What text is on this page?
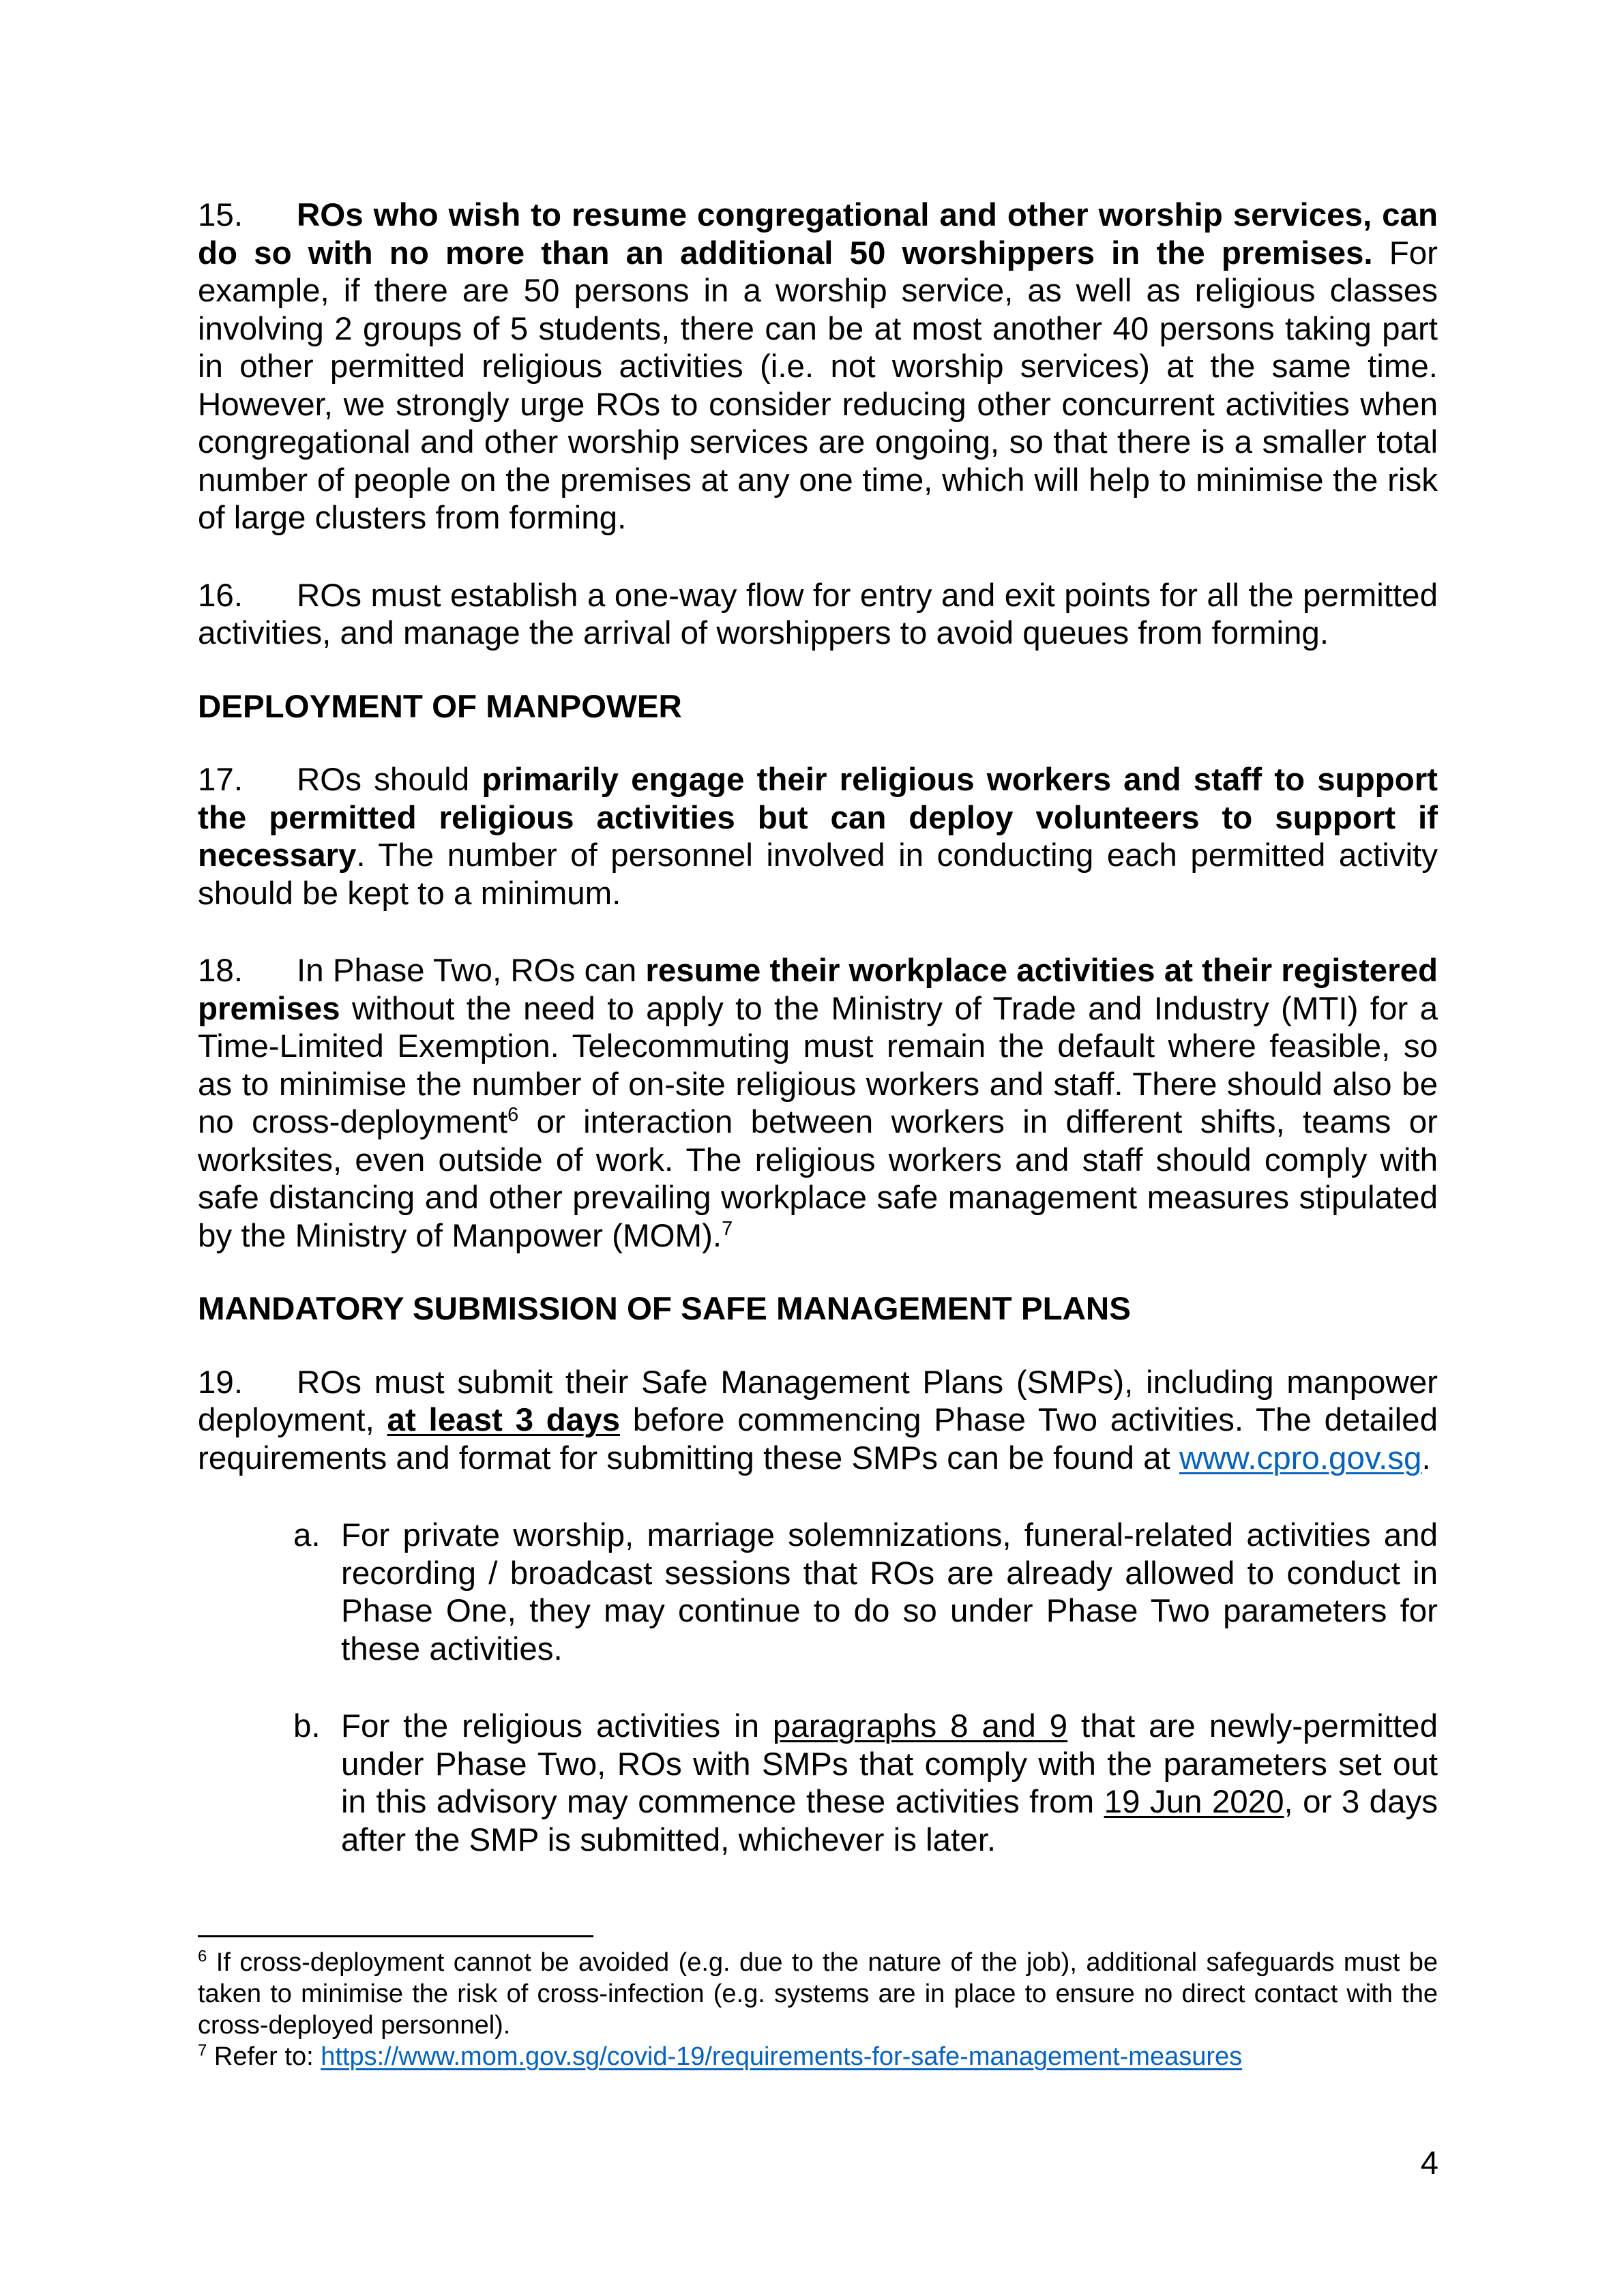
15. ROs who wish to resume congregational and other worship services, can do so with no more than an additional 50 worshippers in the premises. For example, if there are 50 persons in a worship service, as well as religious classes involving 2 groups of 5 students, there can be at most another 40 persons taking part in other permitted religious activities (i.e. not worship services) at the same time. However, we strongly urge ROs to consider reducing other concurrent activities when congregational and other worship services are ongoing, so that there is a smaller total number of people on the premises at any one time, which will help to minimise the risk of large clusters from forming.

16. ROs must establish a one-way flow for entry and exit points for all the permitted activities, and manage the arrival of worshippers to avoid queues from forming.

DEPLOYMENT OF MANPOWER

17. ROs should primarily engage their religious workers and staff to support the permitted religious activities but can deploy volunteers to support if necessary. The number of personnel involved in conducting each permitted activity should be kept to a minimum.

18. In Phase Two, ROs can resume their workplace activities at their registered premises without the need to apply to the Ministry of Trade and Industry (MTI) for a Time-Limited Exemption. Telecommuting must remain the default where feasible, so as to minimise the number of on-site religious workers and staff. There should also be no cross-deployment$^6$ or interaction between workers in different shifts, teams or worksites, even outside of work. The religious workers and staff should comply with safe distancing and other prevailing workplace safe management measures stipulated by the Ministry of Manpower (MOM).$^7$

MANDATORY SUBMISSION OF SAFE MANAGEMENT PLANS

19. ROs must submit their Safe Management Plans (SMPs), including manpower deployment, at least 3 days before commencing Phase Two activities. The detailed requirements and format for submitting these SMPs can be found at www.cpro.gov.sg.

a. For private worship, marriage solemnizations, funeral-related activities and recording / broadcast sessions that ROs are already allowed to conduct in Phase One, they may continue to do so under Phase Two parameters for these activities.
b. For the religious activities in paragraphs 8 and 9 that are newly-permitted under Phase Two, ROs with SMPs that comply with the parameters set out in this advisory may commence these activities from 19 Jun 2020, or 3 days after the SMP is submitted, whichever is later.

$^6$ If cross-deployment cannot be avoided (e.g. due to the nature of the job), additional safeguards must be taken to minimise the risk of cross-infection (e.g. systems are in place to ensure no direct contact with the cross-deployed personnel).

$^7$ Refer to: https://www.mom.gov.sg/covid-19/requirements-for-safe-management-measures

4
